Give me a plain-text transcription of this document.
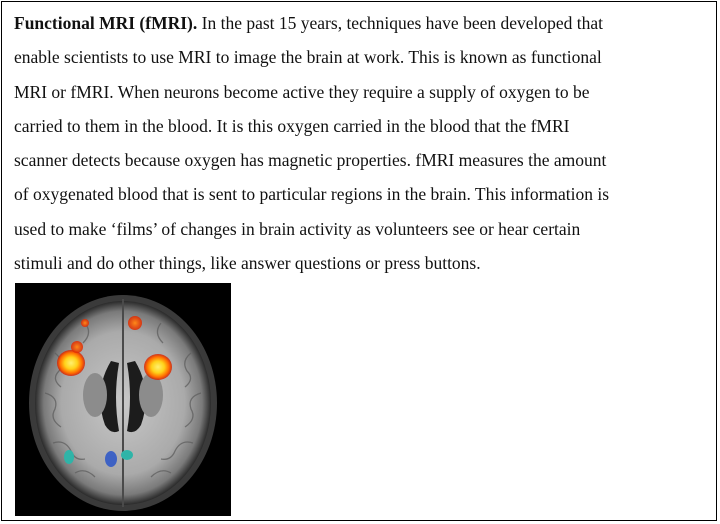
Functional MRI (fMRI). In the past 15 years, techniques have been developed that
enable scientists to use MRI to image the brain at work. This is known as functional
MRI or fMRI. When neurons become active they require a supply of oxygen to be
carried to them in the blood. It is this oxygen carried in the blood that the fMRI
scanner detects because oxygen has magnetic properties. fMRI measures the amount
of oxygenated blood that is sent to particular regions in the brain. This information is
used to make ‘films’ of changes in brain activity as volunteers see or hear certain
stimuli and do other things, like answer questions or press buttons.
